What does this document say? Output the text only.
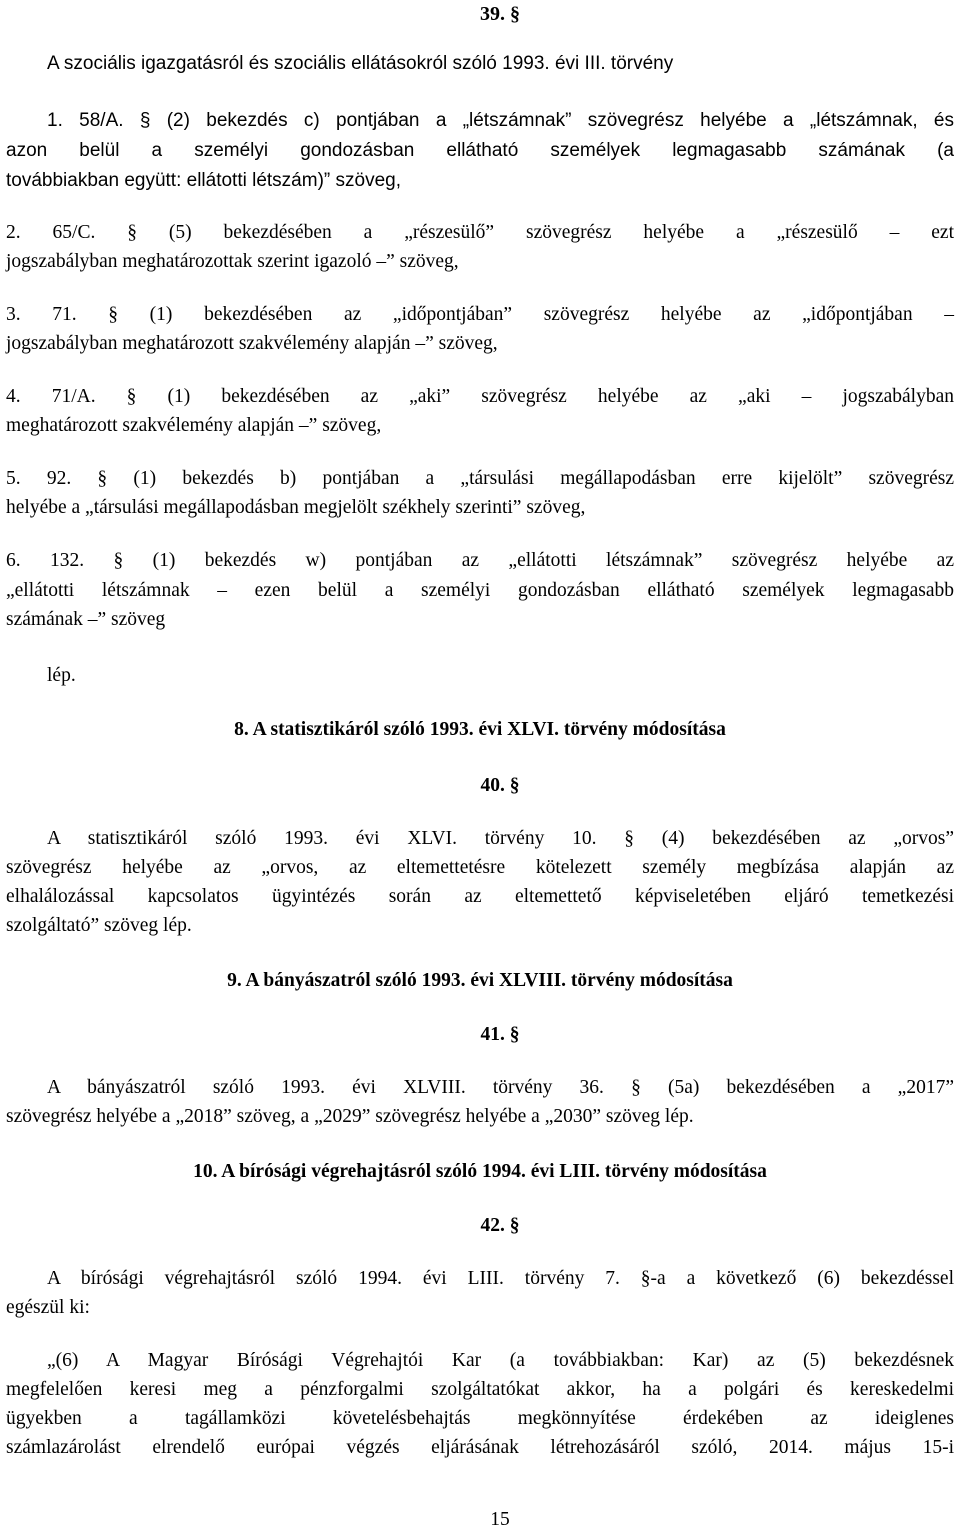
39. §
A szociális igazgatásról és szociális ellátásokról szóló 1993. évi III. törvény
1. 58/A. § (2) bekezdés c) pontjában a „létszámnak” szövegrész helyébe a „létszámnak, és
azon belül a személyi gondozásban ellátható személyek legmagasabb számának (a
továbbiakban együtt: ellátotti létszám)” szöveg,
2. 65/C. § (5) bekezdésében a „részesülő” szövegrész helyébe a „részesülő – ezt
jogszabályban meghatározottak szerint igazoló –” szöveg,
3. 71. § (1) bekezdésében az „időpontjában” szövegrész helyébe az „időpontjában –
jogszabályban meghatározott szakvélemény alapján –” szöveg,
4. 71/A. § (1) bekezdésében az „aki” szövegrész helyébe az „aki – jogszabályban
meghatározott szakvélemény alapján –” szöveg,
5. 92. § (1) bekezdés b) pontjában a „társulási megállapodásban erre kijelölt” szövegrész
helyébe a „társulási megállapodásban megjelölt székhely szerinti” szöveg,
6. 132. § (1) bekezdés w) pontjában az „ellátotti létszámnak” szövegrész helyébe az
„ellátotti létszámnak – ezen belül a személyi gondozásban ellátható személyek legmagasabb
számának –” szöveg
lép.
8. A statisztikáról szóló 1993. évi XLVI. törvény módosítása
40. §
A statisztikáról szóló 1993. évi XLVI. törvény 10. § (4) bekezdésében az „orvos”
szövegrész helyébe az „orvos, az eltemettetésre kötelezett személy megbízása alapján az
elhalálozással kapcsolatos ügyintézés során az eltemettető képviseletében eljáró temetkezési
szolgáltató” szöveg lép.
9. A bányászatról szóló 1993. évi XLVIII. törvény módosítása
41. §
A bányászatról szóló 1993. évi XLVIII. törvény 36. § (5a) bekezdésében a „2017”
szövegrész helyébe a „2018” szöveg, a „2029” szövegrész helyébe a „2030” szöveg lép.
10. A bírósági végrehajtásról szóló 1994. évi LIII. törvény módosítása
42. §
A bírósági végrehajtásról szóló 1994. évi LIII. törvény 7. §-a a következő (6) bekezdéssel
egészül ki:
„(6) A Magyar Bírósági Végrehajtói Kar (a továbbiakban: Kar) az (5) bekezdésnek
megfelelően keresi meg a pénzforgalmi szolgáltatókat akkor, ha a polgári és kereskedelmi
ügyekben a tagállamközi követelésbehajtás megkönnyítése érdekében az ideiglenes
számlazárolást elrendelő európai végzés eljárásának létrehozásáról szóló, 2014. május 15-i
15
